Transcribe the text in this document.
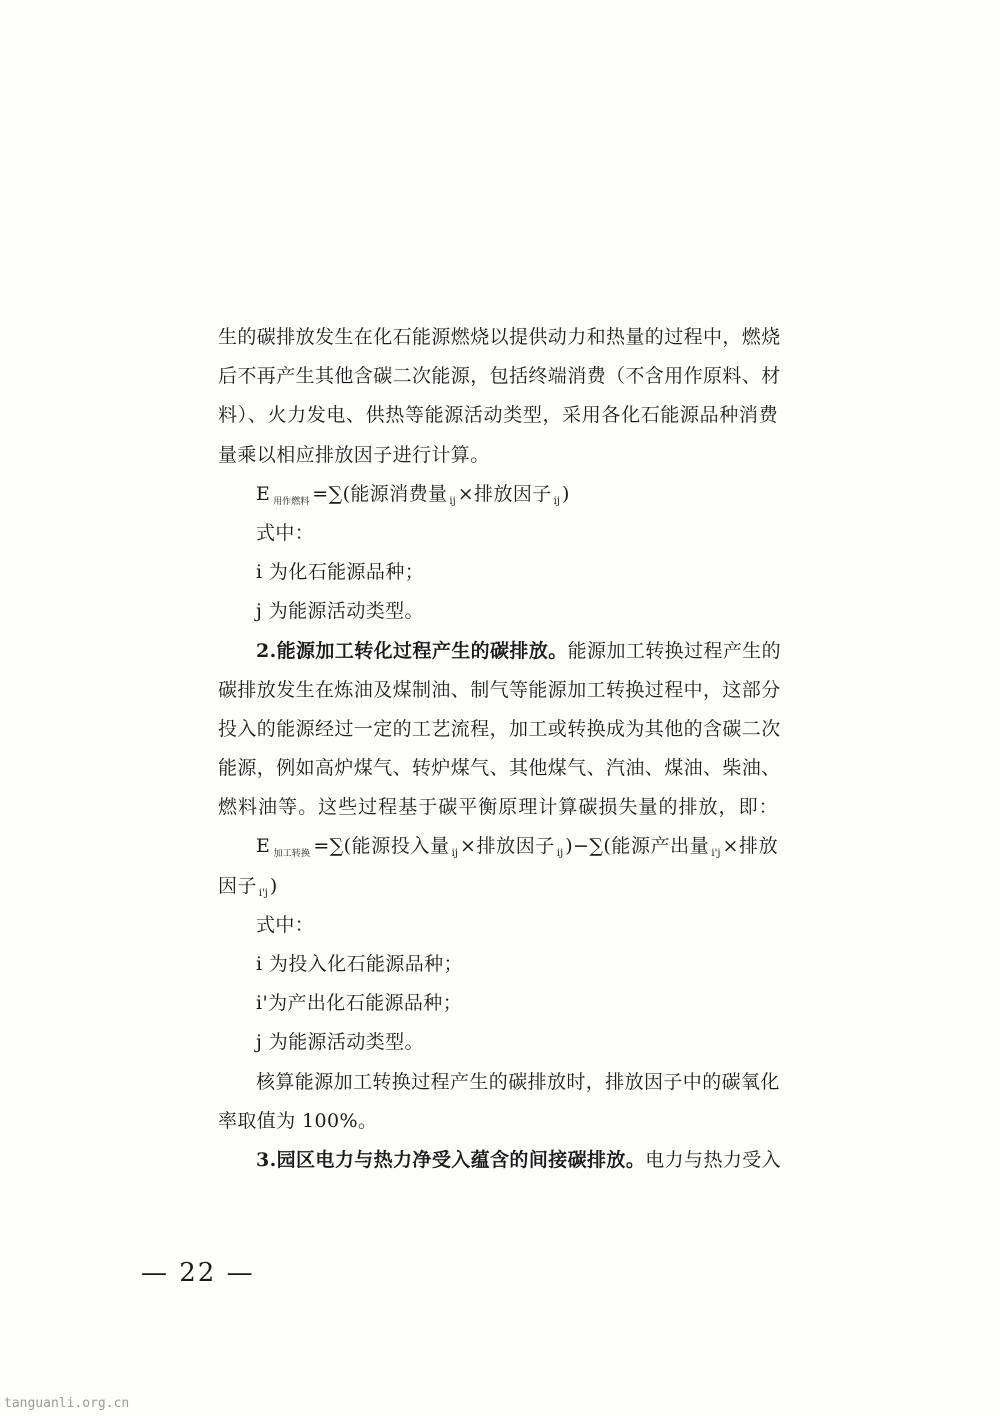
生的碳排放发生在化石能源燃烧以提供动力和热量的过程中，燃烧
后不再产生其他含碳二次能源，包括终端消费（不含用作原料、材
料）、火力发电、供热等能源活动类型，采用各化石能源品种消费
量乘以相应排放因子进行计算。
E $_{用作燃料}$ =∑(能源消费量 $_{ij}$ ×排放因子 $_{ij}$ )
式中：
i 为化石能源品种；
j 为能源活动类型。
2.能源加工转化过程产生的碳排放。能源加工转换过程产生的
碳排放发生在炼油及煤制油、制气等能源加工转换过程中，这部分
投入的能源经过一定的工艺流程，加工或转换成为其他的含碳二次
能源，例如高炉煤气、转炉煤气、其他煤气、汽油、煤油、柴油、
燃料油等。这些过程基于碳平衡原理计算碳损失量的排放，即：
E $_{加工转换}$ =∑(能源投入量 $_{ij}$ ×排放因子 $_{ij}$ )−∑(能源产出量 $_{i'j}$ ×排放
因子 $_{i'j}$ )
式中：
i 为投入化石能源品种；
i'为产出化石能源品种；
j 为能源活动类型。
核算能源加工转换过程产生的碳排放时，排放因子中的碳氧化
率取值为 100%。
3.园区电力与热力净受入蕴含的间接碳排放。电力与热力受入
— 22 —
tanguanli.org.cn
